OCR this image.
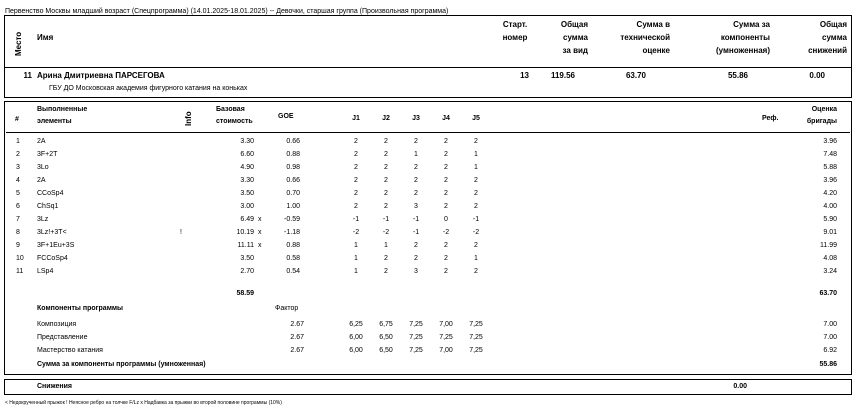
Первенство Москвы младший возраст (Спецпрограмма) (14.01.2025-18.01.2025) -- Девочки, старшая группа (Произвольная программа)
Место Имя
Старт.
номер
Общая
сумма
за вид
Сумма в
технической
оценке
Сумма за
компоненты
(умноженная)
Общая
сумма
снижений
11 Арина Дмитриевна ПАРСЕГОВА
ГБУ ДО Московская академия фигурного катания на коньках
13	119.56	63.70	55.86	0.00
#
Выполненные
элементы	Info
Базовая
стоимость
GOE	J1	J2	J3	J4	J5	Реф.
Оценка
бригады
1 2A	3.30	0.66	2	2	2	2	2	3.96
2 3F+2T	6.60	0.88	2	2	1	2	1	7.48
3 3Lo	4.90	0.98	2	2	2	2	1	5.88
4 2A	3.30	0.66	2	2	2	2	2	3.96
5 CCoSp4	3.50	0.70	2	2	2	2	2	4.20
6 ChSq1	3.00	1.00	2	2	3	2	2	4.00
7 3Lz	6.49 x	-0.59	-1	-1	-1	0	-1	5.90
8 3Lz!+3T<	!	10.19 x	-1.18	-2	-2	-1	-2	-2	9.01
9 3F+1Eu+3S	11.11 x	0.88	1	1	2	2	2	11.99
10 FCCoSp4	3.50	0.58	1	2	2	2	1	4.08
11 LSp4	2.70	0.54	1	2	3	2	2	3.24
58.59	63.70
Компоненты программы	Фактор
Композиция	2.67	6,25	6,75	7,25	7,00	7,25	7.00
Представление	2.67	6,00	6,50	7,25	7,25	7,25	7.00
Мастерство катания	2.67	6,00	6,50	7,25	7,00	7,25	6.92
Сумма за компоненты программы (умноженная)	55.86
Снижения	0.00
< Недокрученный прыжок ! Неясное ребро на толчке F/Lz x Надбавка за прыжки во второй половине программы (10%)
